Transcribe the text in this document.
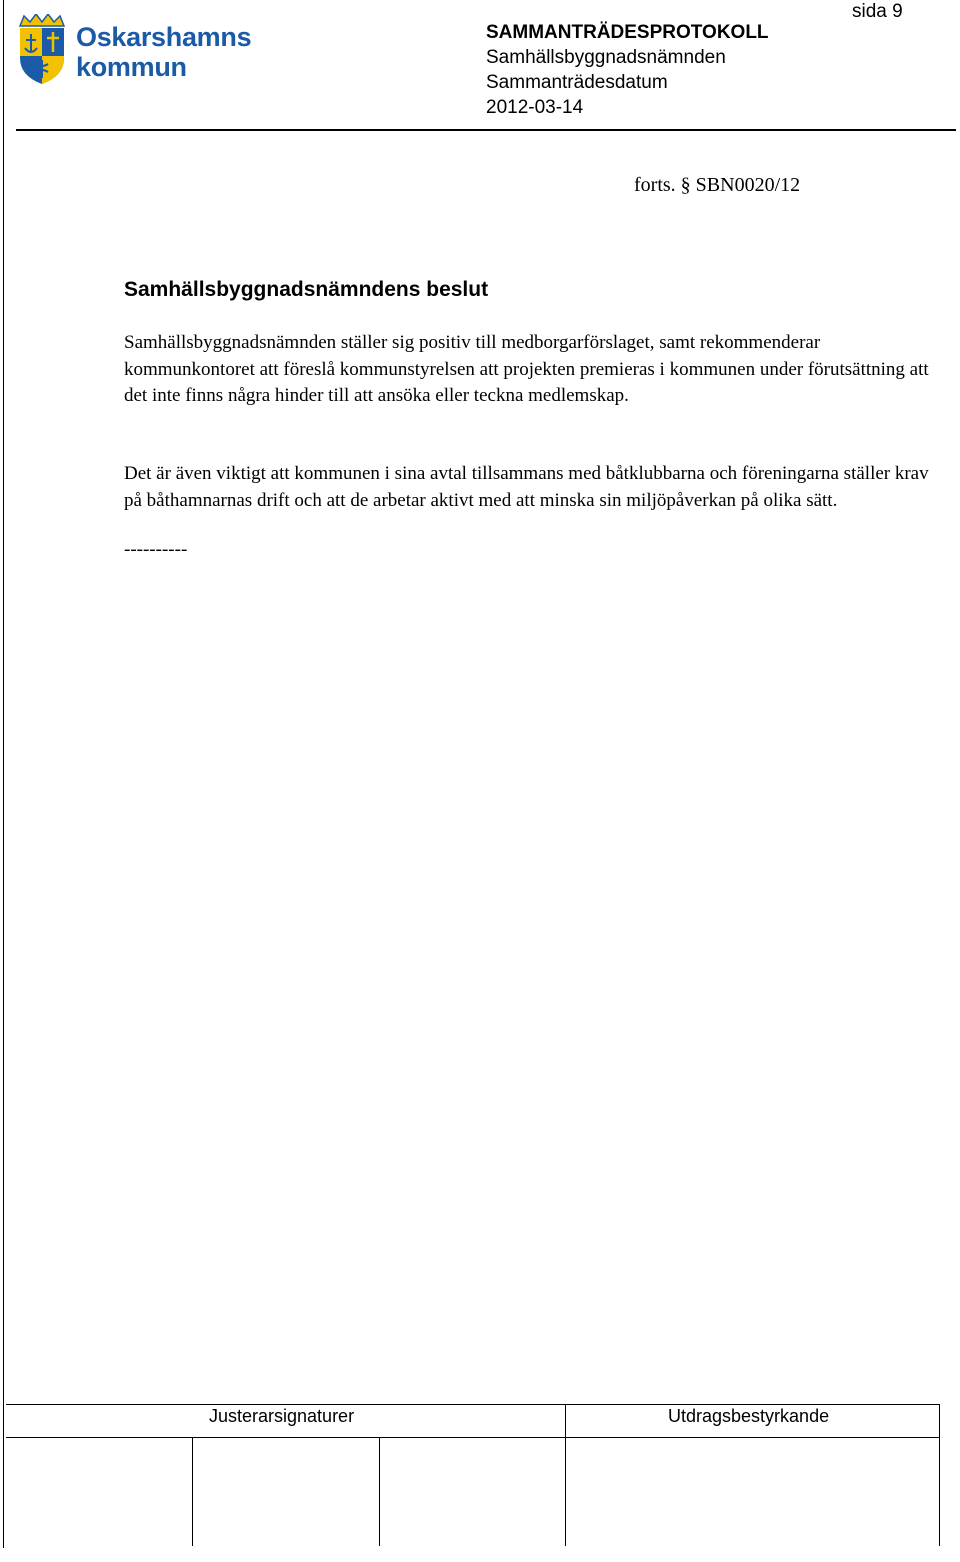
Oskarshamns
kommun
SAMMANTRÄDESPROTOKOLL
Samhällsbyggnadsnämnden
Sammanträdesdatum
2012-03-14
sida 9
forts. § SBN0020/12
Samhällsbyggnadsnämndens beslut
Samhällsbyggnadsnämnden ställer sig positiv till medborgarförslaget, samt rekommenderar kommunkontoret att föreslå kommunstyrelsen att projekten premieras i kommunen under förutsättning att det inte finns några hinder till att ansöka eller teckna medlemskap.
Det är även viktigt att kommunen i sina avtal tillsammans med båtklubbarna och föreningarna ställer krav på båthamnarnas drift och att de arbetar aktivt med att minska sin miljöpåverkan på olika sätt.
----------
Justerarsignaturer	Utdragsbestyrkande
